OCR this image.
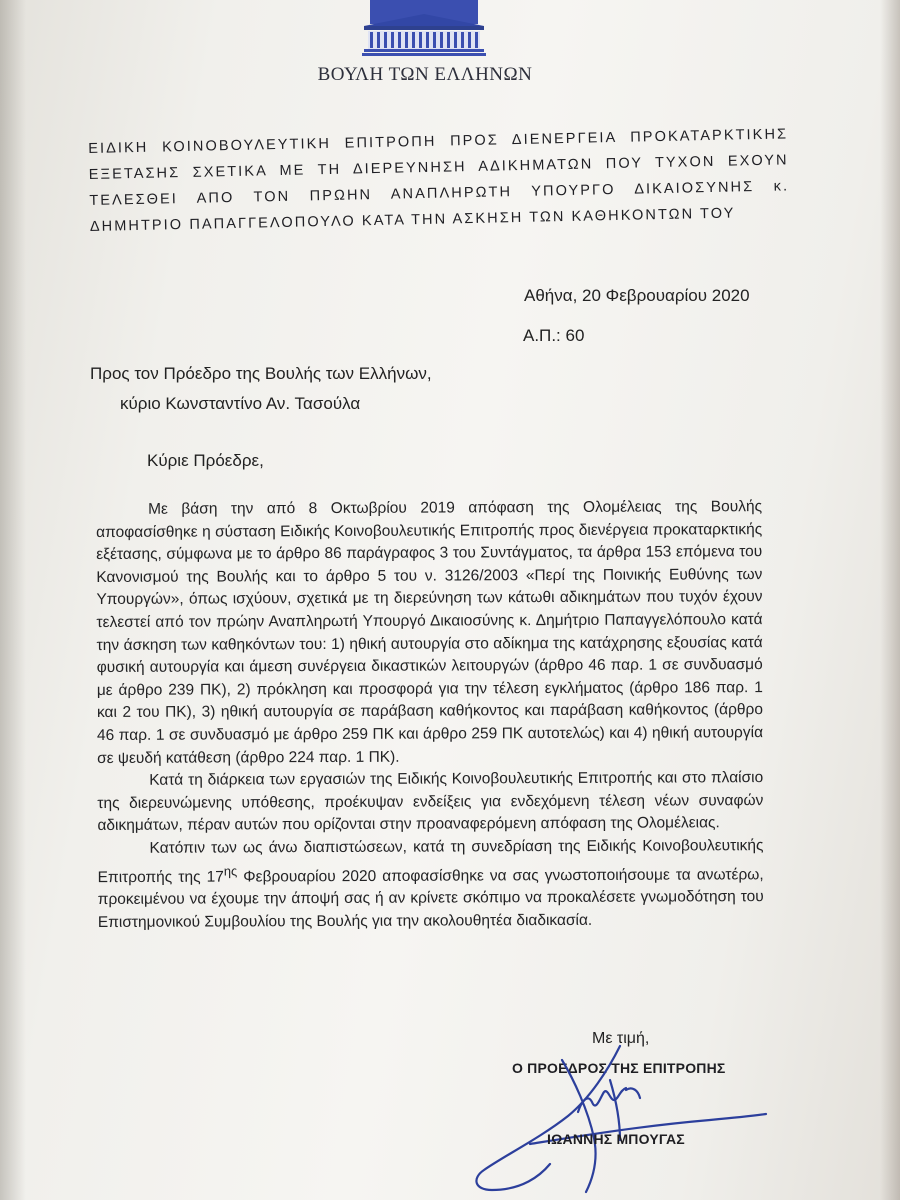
ΒΟΥΛΗ ΤΩΝ ΕΛΛΗΝΩΝ
ΕΙΔΙΚΗ ΚΟΙΝΟΒΟΥΛΕΥΤΙΚΗ ΕΠΙΤΡΟΠΗ ΠΡΟΣ ΔΙΕΝΕΡΓΕΙΑ ΠΡΟΚΑΤΑΡΚΤΙΚΗΣ ΕΞΕΤΑΣΗΣ ΣΧΕΤΙΚΑ ΜΕ ΤΗ ΔΙΕΡΕΥΝΗΣΗ ΑΔΙΚΗΜΑΤΩΝ ΠΟΥ ΤΥΧΟΝ ΕΧΟΥΝ ΤΕΛΕΣΘΕΙ ΑΠΟ ΤΟΝ ΠΡΩΗΝ ΑΝΑΠΛΗΡΩΤΗ ΥΠΟΥΡΓΟ ΔΙΚΑΙΟΣΥΝΗΣ κ. ΔΗΜΗΤΡΙΟ ΠΑΠΑΓΓΕΛΟΠΟΥΛΟ ΚΑΤΑ ΤΗΝ ΑΣΚΗΣΗ ΤΩΝ ΚΑΘΗΚΟΝΤΩΝ ΤΟΥ
Αθήνα, 20 Φεβρουαρίου 2020
Α.Π.: 60
Προς τον Πρόεδρο της Βουλής των Ελλήνων,
κύριο Κωνσταντίνο Αν. Τασούλα
Κύριε Πρόεδρε,

Με βάση την από 8 Οκτωβρίου 2019 απόφαση της Ολομέλειας της Βουλής αποφασίσθηκε η σύσταση Ειδικής Κοινοβουλευτικής Επιτροπής προς διενέργεια προκαταρκτικής εξέτασης, σύμφωνα με το άρθρο 86 παράγραφος 3 του Συντάγματος, τα άρθρα 153 επόμενα του Κανονισμού της Βουλής και το άρθρο 5 του ν. 3126/2003 «Περί της Ποινικής Ευθύνης των Υπουργών», όπως ισχύουν, σχετικά με τη διερεύνηση των κάτωθι αδικημάτων που τυχόν έχουν τελεστεί από τον πρώην Αναπληρωτή Υπουργό Δικαιοσύνης κ. Δημήτριο Παπαγγελόπουλο κατά την άσκηση των καθηκόντων του: 1) ηθική αυτουργία στο αδίκημα της κατάχρησης εξουσίας κατά φυσική αυτουργία και άμεση συνέργεια δικαστικών λειτουργών (άρθρο 46 παρ. 1 σε συνδυασμό με άρθρο 239 ΠΚ), 2) πρόκληση και προσφορά για την τέλεση εγκλήματος (άρθρο 186 παρ. 1 και 2 του ΠΚ), 3) ηθική αυτουργία σε παράβαση καθήκοντος και παράβαση καθήκοντος (άρθρο 46 παρ. 1 σε συνδυασμό με άρθρο 259 ΠΚ και άρθρο 259 ΠΚ αυτοτελώς) και 4) ηθική αυτουργία σε ψευδή κατάθεση (άρθρο 224 παρ. 1 ΠΚ).

Κατά τη διάρκεια των εργασιών της Ειδικής Κοινοβουλευτικής Επιτροπής και στο πλαίσιο της διερευνώμενης υπόθεσης, προέκυψαν ενδείξεις για ενδεχόμενη τέλεση νέων συναφών αδικημάτων, πέραν αυτών που ορίζονται στην προαναφερόμενη απόφαση της Ολομέλειας.

Κατόπιν των ως άνω διαπιστώσεων, κατά τη συνεδρίαση της Ειδικής Κοινοβουλευτικής Επιτροπής της $17^{\eta\varsigma}$ Φεβρουαρίου 2020 αποφασίσθηκε να σας γνωστοποιήσουμε τα ανωτέρω, προκειμένου να έχουμε την άποψή σας ή αν κρίνετε σκόπιμο να προκαλέσετε γνωμοδότηση του Επιστημονικού Συμβουλίου της Βουλής για την ακολουθητέα διαδικασία.

Με τιμή,
Ο ΠΡΟΕΔΡΟΣ ΤΗΣ ΕΠΙΤΡΟΠΗΣ
ΙΩΑΝΝΗΣ ΜΠΟΥΓΑΣ
